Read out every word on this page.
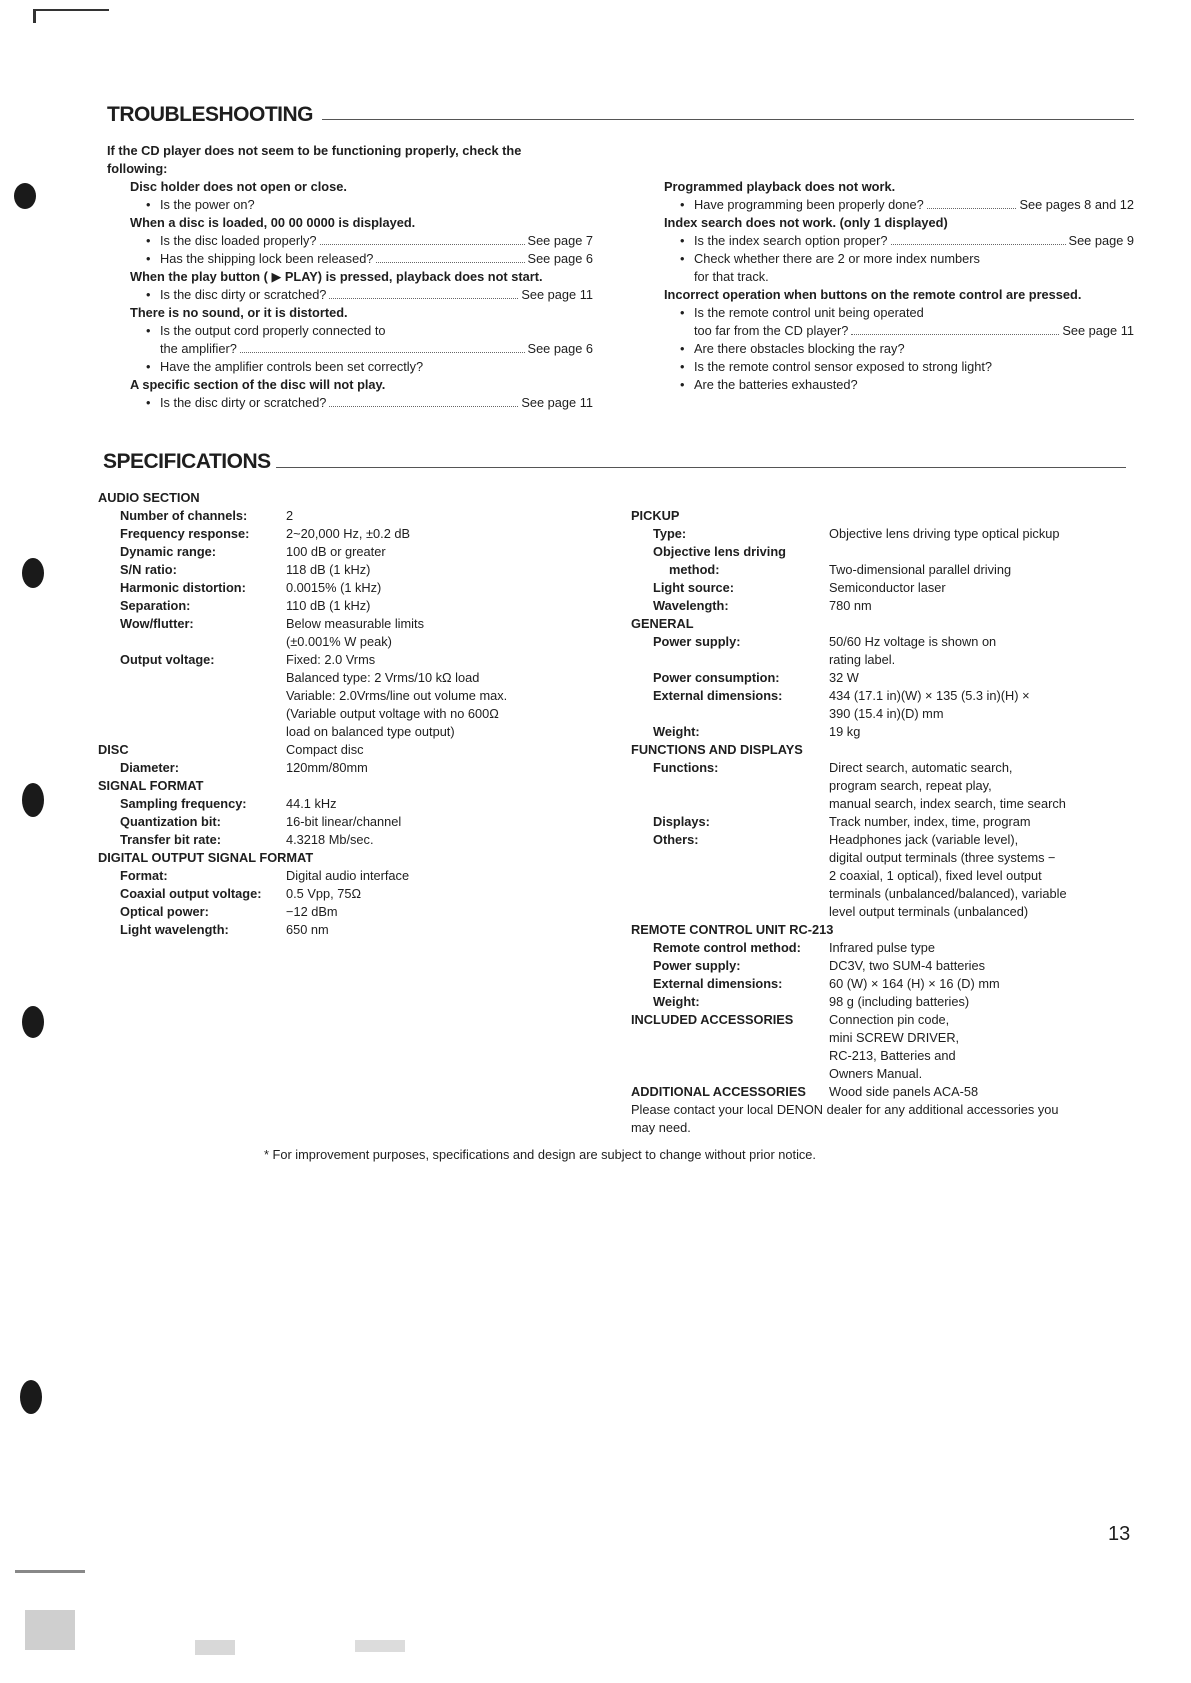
TROUBLESHOOTING
If the CD player does not seem to be functioning properly, check the
following:
Disc holder does not open or close.
• Is the power on?
When a disc is loaded, 00 00 0000 is displayed.
• Is the disc loaded properly?	See page 7
• Has the shipping lock been released?	See page 6
When the play button ( ▶ PLAY) is pressed, playback does not start.
• Is the disc dirty or scratched?	See page 11
There is no sound, or it is distorted.
• Is the output cord properly connected to
the amplifier?	See page 6
• Have the amplifier controls been set correctly?
A specific section of the disc will not play.
• Is the disc dirty or scratched?	See page 11
Programmed playback does not work.
• Have programming been properly done?	See pages 8 and 12
Index search does not work. (only 1 displayed)
• Is the index search option proper?	See page 9
• Check whether there are 2 or more index numbers
for that track.
Incorrect operation when buttons on the remote control are pressed.
• Is the remote control unit being operated
too far from the CD player?	See page 11
• Are there obstacles blocking the ray?
• Is the remote control sensor exposed to strong light?
• Are the batteries exhausted?
SPECIFICATIONS
AUDIO SECTION
Number of channels:	2
Frequency response:	2~20,000 Hz, ±0.2 dB
Dynamic range:	100 dB or greater
S/N ratio:	118 dB (1 kHz)
Harmonic distortion:	0.0015% (1 kHz)
Separation:	110 dB (1 kHz)
Wow/flutter:	Below measurable limits
(±0.001% W peak)
Output voltage:	Fixed: 2.0 Vrms
Balanced type: 2 Vrms/10 kΩ load
Variable: 2.0Vrms/line out volume max.
(Variable output voltage with no 600Ω
load on balanced type output)
DISC	Compact disc
Diameter:	120mm/80mm
SIGNAL FORMAT
Sampling frequency:	44.1 kHz
Quantization bit:	16-bit linear/channel
Transfer bit rate:	4.3218 Mb/sec.
DIGITAL OUTPUT SIGNAL FORMAT
Format:	Digital audio interface
Coaxial output voltage:	0.5 Vpp, 75Ω
Optical power:	−12 dBm
Light wavelength:	650 nm
PICKUP
Type:	Objective lens driving type optical pickup
Objective lens driving
method:	Two-dimensional parallel driving
Light source:	Semiconductor laser
Wavelength:	780 nm
GENERAL
Power supply:	50/60 Hz voltage is shown on
rating label.
Power consumption:	32 W
External dimensions:	434 (17.1 in)(W) × 135 (5.3 in)(H) ×
390 (15.4 in)(D) mm
Weight:	19 kg
FUNCTIONS AND DISPLAYS
Functions:	Direct search, automatic search,
program search, repeat play,
manual search, index search, time search
Displays:	Track number, index, time, program
Others:	Headphones jack (variable level),
digital output terminals (three systems −
2 coaxial, 1 optical), fixed level output
terminals (unbalanced/balanced), variable
level output terminals (unbalanced)
REMOTE CONTROL UNIT RC-213
Remote control method:	Infrared pulse type
Power supply:	DC3V, two SUM-4 batteries
External dimensions:	60 (W) × 164 (H) × 16 (D) mm
Weight:	98 g (including batteries)
INCLUDED ACCESSORIES	Connection pin code,
mini SCREW DRIVER,
RC-213, Batteries and
Owners Manual.
ADDITIONAL ACCESSORIES	Wood side panels ACA-58
Please contact your local DENON dealer for any additional accessories you
may need.
* For improvement purposes, specifications and design are subject to change without prior notice.
13
